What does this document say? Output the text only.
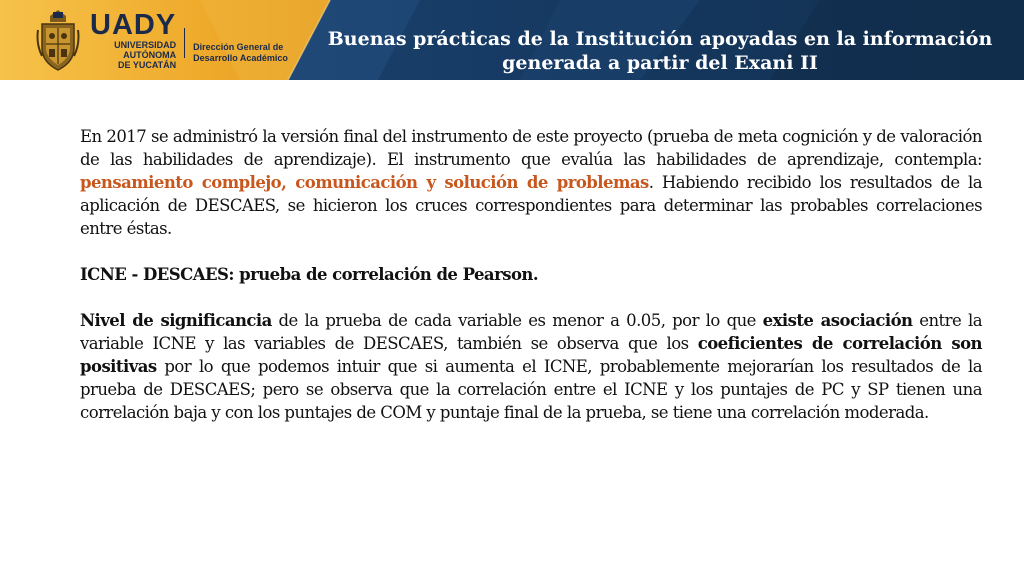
UADY
UNIVERSIDAD
AUTÓNOMA
DE YUCATÁN
Dirección General de
Desarrollo Académico
Buenas prácticas de la Institución apoyadas en la información
generada a partir del Exani II

En 2017 se administró la versión final del instrumento de este proyecto (prueba de meta cognición y de valoración de las habilidades de aprendizaje). El instrumento que evalúa las habilidades de aprendizaje, contempla: pensamiento complejo, comunicación y solución de problemas. Habiendo recibido los resultados de la aplicación de DESCAES, se hicieron los cruces correspondientes para determinar las probables correlaciones entre éstas.

ICNE - DESCAES: prueba de correlación de Pearson.

Nivel de significancia de la prueba de cada variable es menor a 0.05, por lo que existe asociación entre la variable ICNE y las variables de DESCAES, también se observa que los coeficientes de correlación son positivas por lo que podemos intuir que si aumenta el ICNE, probablemente mejorarían los resultados de la prueba de DESCAES; pero se observa que la correlación entre el ICNE y los puntajes de PC y SP tienen una correlación baja y con los puntajes de COM y puntaje final de la prueba, se tiene una correlación moderada.
